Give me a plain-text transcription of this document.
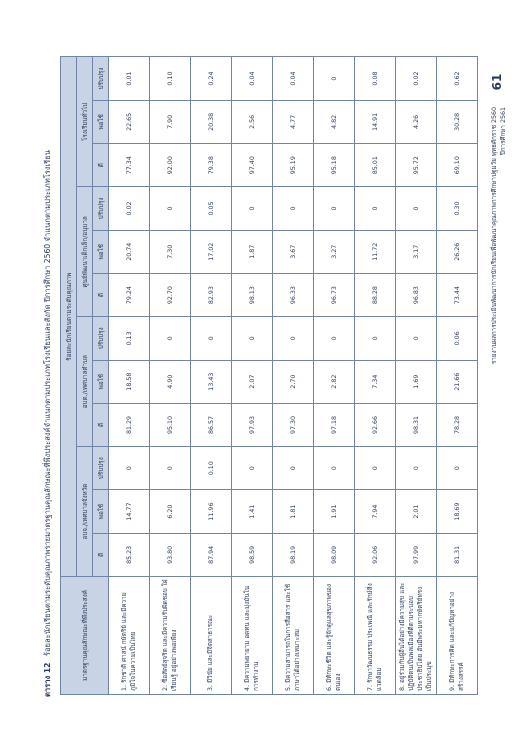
ตาราง 12 ร้อยละนักเรียนตามระดับคุณภาพรายมาตรฐานคุณลักษณะที่พึงประสงค์จำแนกตามประเภทโรงเรียนและสังกัด ปีการศึกษา 2560 จำแนกตามประเภทโรงเรียน	มาตรฐานคุณลักษณะที่พึงประสงค์	ร้อยละนักเรียนตามระดับคุณภาพ											
	อบจ./เทศบาลจังหวัด			อบต./เทศบาลตำบล			ศูนย์พัฒนาเด็กเล็ก/อนุบาล			โรงเรียนทั่วไป		
	ดี	พอใช้	ปรับปรุง	ดี	พอใช้	ปรับปรุง	ดี	พอใช้	ปรับปรุง	ดี	พอใช้	ปรับปรุง
1. รักชาติ ศาสน์ กษัตริย์ และมีความภูมิใจในความเป็นไทย	85.23	14.77	0	81.29	18.58	0.13	79.24	20.74	0.02	77.34	22.65	0.01
2. ซื่อสัตย์สุจริต และมีความรับผิดชอบ ใฝ่เรียนรู้ อยู่อย่างพอเพียง	93.80	6.20	0	95.10	4.90	0	92.70	7.30	0	92.00	7.90	0.10
3. มีวินัย และมีจิตสาธารณะ	87.94	11.96	0.10	86.57	13.43	0	82.93	17.02	0.05	79.38	20.38	0.24
4. มีความพยายาม อดทน และมุ่งมั่นในการทำงาน	98.59	1.41	0	97.93	2.07	0	98.13	1.87	0	97.40	2.56	0.04
5. มีความสามารถในการสื่อสาร และใช้ภาษาได้อย่างเหมาะสม	98.19	1.81	0	97.30	2.70	0	96.33	3.67	0	95.19	4.77	0.04
6. มีทักษะชีวิต และรู้จักดูแลสุขภาพของตนเอง	98.09	1.91	0	97.18	2.82	0	96.73	3.27	0	95.18	4.82	0
7. รักษาวัฒนธรรม ประเพณี และรักษ์สิ่งแวดล้อม	92.06	7.94	0	92.66	7.34	0	88.28	11.72	0	85.01	14.91	0.08
8. อยู่ร่วมกับผู้อื่นได้อย่างมีความสุข และปฏิบัติตนเป็นพลเมืองที่ดีตามระบอบประชาธิปไตย อันมีพระมหากษัตริย์ทรงเป็นประมุข	97.99	2.01	0	98.31	1.69	0	96.83	3.17	0	95.72	4.26	0.02
9. มีทักษะการคิด และแก้ปัญหาอย่างสร้างสรรค์	81.31	18.69	0	78.28	21.66	0.06	73.44	26.26	0.30	69.10	30.28	0.62
รายงานผลการประเมินพัฒนาการนักเรียนเพื่อพัฒนาคุณภาพการศึกษาปฐมวัย พุทธศักราช 2560 ปีการศึกษา 2561
61
